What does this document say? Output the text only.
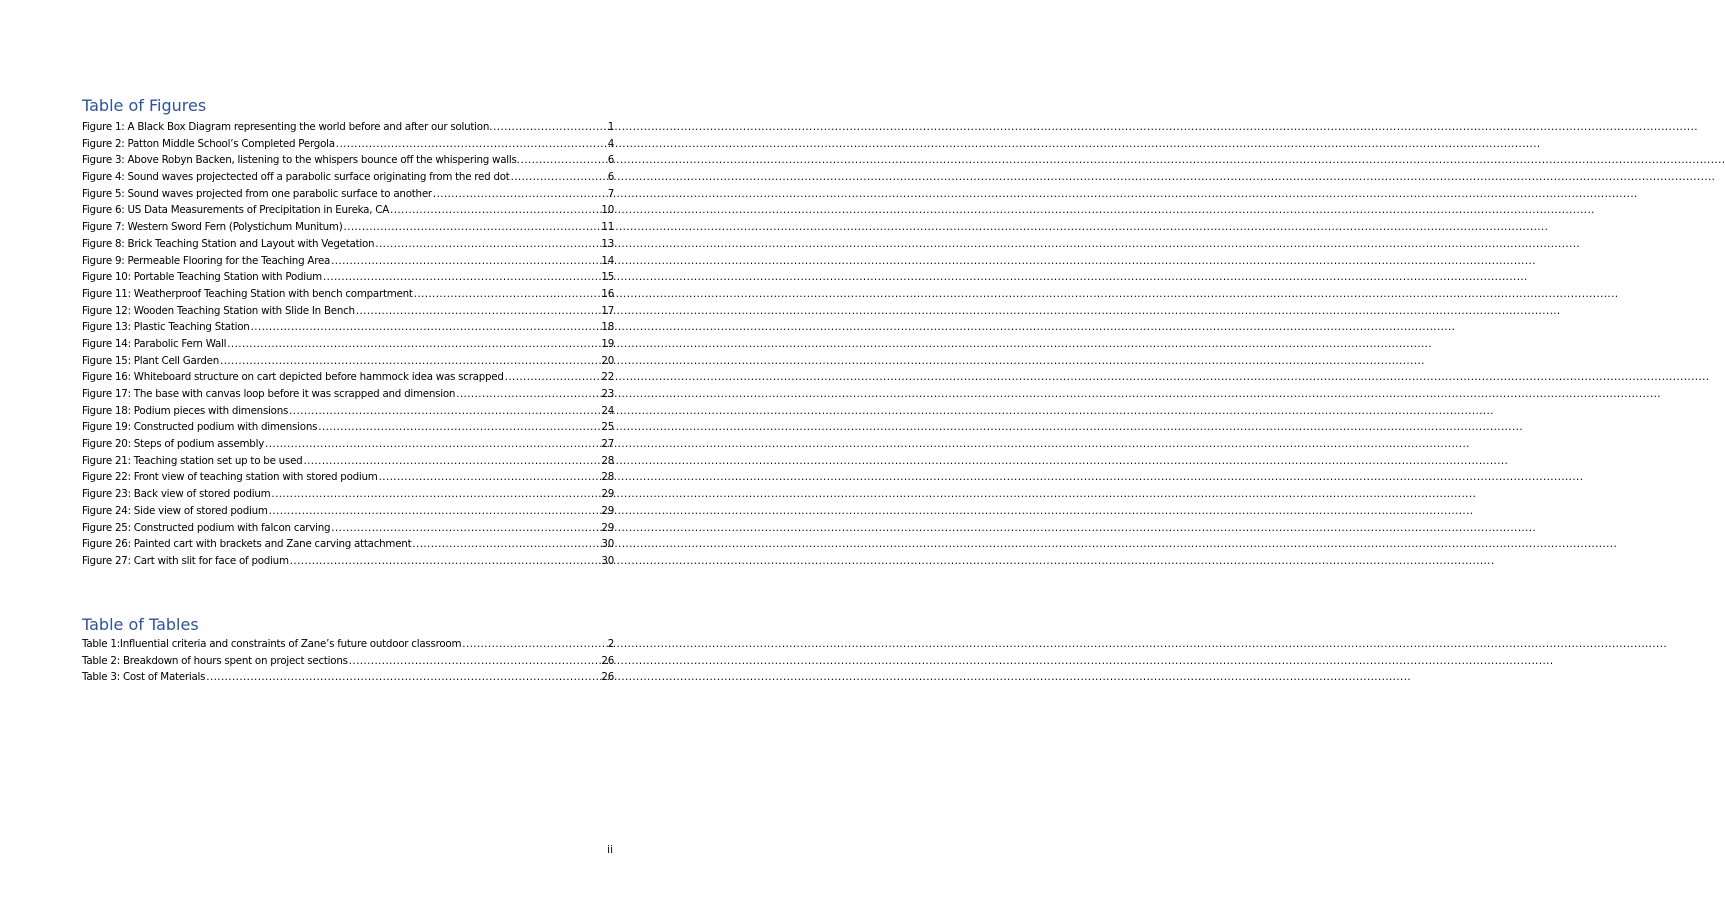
Table of Figures
Figure 1: A Black Box Diagram representing the world before and after our solution. .....	1
Figure 2: Patton Middle School’s Completed Pergola .....	4
Figure 3: Above Robyn Backen, listening to the whispers bounce off the whispering walls. .....	6
Figure 4: Sound waves projectected off a parabolic surface originating from the red dot .....	6
Figure 5: Sound waves projected from one parabolic surface to another .....	7
Figure 6: US Data Measurements of Precipitation in Eureka, CA .....	10
Figure 7: Western Sword Fern (Polystichum Munitum) .....	11
Figure 8: Brick Teaching Station and Layout with Vegetation .....	13
Figure 9: Permeable Flooring for the Teaching Area .....	14
Figure 10: Portable Teaching Station with Podium .....	15
Figure 11: Weatherproof Teaching Station with bench compartment .....	16
Figure 12: Wooden Teaching Station with Slide In Bench .....	17
Figure 13: Plastic Teaching Station .....	18
Figure 14: Parabolic Fern Wall .....	19
Figure 15: Plant Cell Garden .....	20
Figure 16: Whiteboard structure on cart depicted before hammock idea was scrapped .....	22
Figure 17: The base with canvas loop before it was scrapped and dimension .....	23
Figure 18: Podium pieces with dimensions .....	24
Figure 19: Constructed podium with dimensions .....	25
Figure 20: Steps of podium assembly .....	27
Figure 21: Teaching station set up to be used .....	28
Figure 22: Front view of teaching station with stored podium .....	28
Figure 23: Back view of stored podium .....	29
Figure 24: Side view of stored podium .....	29
Figure 25: Constructed podium with falcon carving .....	29
Figure 26: Painted cart with brackets and Zane carving attachment .....	30
Figure 27: Cart with slit for face of podium .....	30
Table of Tables
Table 1:Influential criteria and constraints of Zane’s future outdoor classroom .....	2
Table 2: Breakdown of hours spent on project sections .....	26
Table 3: Cost of Materials .....	26
ii
